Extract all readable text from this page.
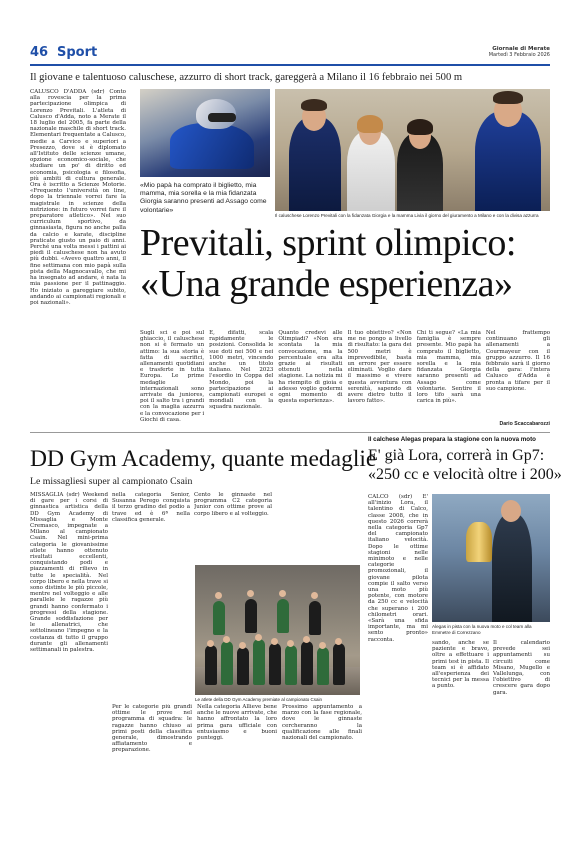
46 Sport	Giornale di Merate
Martedì 3 Febbraio 2026
Il giovane e talentuoso caluschese, azzurro di short track, gareggerà a Milano il 16 febbraio nei 500 m
CALUSCO D'ADDA (sdr) Conto alla rovescia per la prima partecipazione olimpica di Lorenzo Previtali. L'atleta di Calusco d'Adda, noto a Merate il 18 luglio del 2005, fa parte della nazionale maschile di short track. Elementari frequentate a Calusco, medie a Carvico e superiori a Presezzo, dove si è diplomato all'Istituto delle scienze umane, opzione economico-sociale, che studiare un po' di diritto ed economia, psicologia e filosofia, più ambiti di cultura generale. Ora è iscritto a Scienze Motorie. «Frequento l'università on line, dopo la triennale vorrei fare la magistrale in scienze della nutrizione: in futuro vorrei fare il preparatore atletico». Nel suo curriculum sportivo, da ginnasiasta, figura no anche palla da calcio e karate, discipline praticate giusto un paio di anni. Perché una volta messi i pattini ai piedi il caluschese non ha avuto più dubbi. «Avevo quattro anni, il fine settimana con mio papà sulla pista della Magnocavallo, che mi ha insegnato ad andare, è nata la mia passione per il pattinaggio. Ho iniziato a gareggiare subito, andando ai campionati regionali e poi nazionali».
«Mio papà ha comprato il biglietto, mia mamma, mia sorella e la mia fidanzata Giorgia saranno presenti ad Assago come volontarie»
Il caluschese Lorenzo Previtali con la fidanzata Giorgia e la mamma Livia il giorno del giuramento a Milano e con la divisa azzurra
Previtali, sprint olimpico:
«Una grande esperienza»
Sugli sci e poi sul ghiaccio, il caluschese non si è fermato un attimo: la sua storia è fatta di sacrifici, allenamenti quotidiani e trasferte in tutta Europa. Le prime medaglie internazionali sono arrivate da juniores, poi il salto tra i grandi con la maglia azzurra e la convocazione per i Giochi di casa.
E, difatti, scala rapidamente le posizioni. Consolida le sue doti nei 500 e nei 1000 metri, vincendo anche un titolo italiano. Nel 2023 l'esordio in Coppa del Mondo, poi la partecipazione ai campionati europei e mondiali con la squadra nazionale.
Quanto credevi alle Olimpiadi? «Non era scontata la mia convocazione, ma la percentuale era alta grazie ai risultati ottenuti nella stagione. La notizia mi ha riempito di gioia e adesso voglio godermi ogni momento di questa esperienza».
Il tuo obiettivo? «Non me ne pongo a livello di risultato: la gara dei 500 metri è imprevedibile, basta un errore per essere eliminati. Voglio dare il massimo e vivere questa avventura con serenità, sapendo di avere dietro tutto il lavoro fatto».
Chi ti segue? «La mia famiglia è sempre presente. Mio papà ha comprato il biglietto, mia mamma, mia sorella e la mia fidanzata Giorgia saranno presenti ad Assago come volontarie. Sentire il loro tifo sarà una carica in più».
Nel frattempo continuano gli allenamenti a Courmayeur con il gruppo azzurro. Il 16 febbraio sarà il giorno della gara: l'intera Calusco d'Adda è pronta a tifare per il suo campione.
Dario Scaccabarozzi
DD Gym Academy, quante medaglie
Le missagliesi super al campionato Csain
MISSAGLIA (sdr) Weekend di gare per i corsi di ginnastica artistica della DD Gym Academy di Missaglia e Monte Cremasco, impegnate a Milano al campionato Csain. Nel mini-prima categoria le giovanissime atlete hanno ottenuto risultati eccellenti, conquistando podi e piazzamenti di rilievo in tutte le specialità. Nel corpo libero e nella trave si sono distinte le più piccole, mentre nel volteggio e alle parallele le ragazze più grandi hanno confermato i progressi della stagione. Grande soddisfazione per le allenatrici, che sottolineano l'impegno e la costanza di tutto il gruppo durante gli allenamenti settimanali in palestra.
nella categoria Senior, Susanna Perego conquista il terzo gradino del podio a trave ed è 6ª nella classifica generale.
Cento le ginnaste nel programma C2 categoria Junior con ottime prove al corpo libero e al volteggio.
Le atlete della DD Gym Academy premiate al campionato Csain
Per le categorie più grandi ottime le prove nel programma di squadra: le ragazze hanno chiuso ai primi posti della classifica generale, dimostrando affiatamento e preparazione.
Nella categoria Allieve bene anche le nuove arrivate, che hanno affrontato la loro prima gara ufficiale con entusiasmo e buoni punteggi.
Prossimo appuntamento a marzo con la fase regionale, dove le ginnaste cercheranno la qualificazione alle finali nazionali del campionato.
Il calchese Alegas prepara la stagione con la nuova moto
E' già Lora, correrà in Gp7:
«250 cc e velocità oltre i 200»
CALCO (sdr) E' all'inizio Lora, il talentino di Calco, classe 2008, che in questo 2026 correrà nella categoria Gp7 del campionato italiano velocità. Dopo le ottime stagioni nelle minimoto e nelle categorie promozionali, il giovane pilota compie il salto verso una moto più potente, con motore da 250 cc e velocità che superano i 200 chilometri orari. «Sarà una sfida importante, ma mi sento pronto» racconta.
Alegas in pista con la nuova moto e col team alla Emmetre di Correzzano
sando, anche se paziente e bravo, oltre a effettuare i primi test in pista. Il team si è affidato all'esperienza dei tecnici per la messa a punto.
Il calendario prevede sei appuntamenti su circuiti come Misano, Mugello e Vallelunga, con l'obiettivo di crescere gara dopo gara.
